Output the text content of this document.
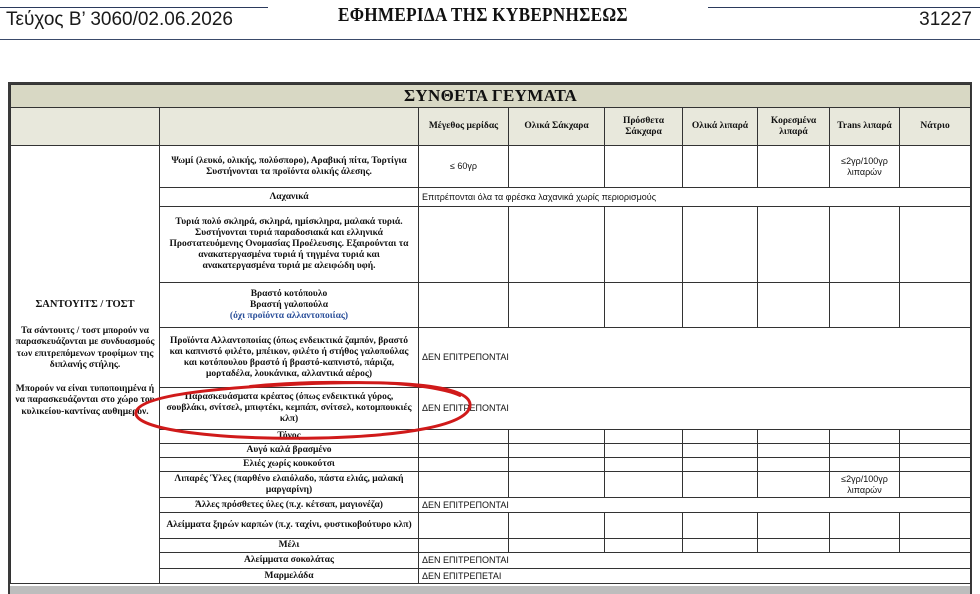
Τεύχος Β’ 3060/02.06.2026	ΕΦΗΜΕΡΙΔΑ ΤΗΣ ΚΥΒΕΡΝΗΣΕΩΣ	31227
ΣΥΝΘΕΤΑ ΓΕΥΜΑΤΑ								
		Μέγεθος μερίδας	Ολικά Σάκχαρα	Πρόσθετα Σάκχαρα	Ολικά λιπαρά	Κορεσμένα λιπαρά	Trans λιπαρά	Νάτριο

ΣΑΝΤΟΥΙΤΣ / ΤΟΣΤ
Τα σάντουιτς / τοστ μπορούν να παρασκευάζονται με συνδυασμούς των επιτρεπόμενων τροφίμων της διπλανής στήλης.
Μπορούν να είναι τυποποιημένα ή να παρασκευάζονται στο χώρο του κυλικείου-καντίνας αυθημερόν.	Ψωμί (λευκό, ολικής, πολύσπορο), Αραβική πίτα, Τορτίγια Συστήνονται τα προϊόντα ολικής άλεσης.	≤ 60γρ					≤2γρ/100γρ λιπαρών	
	Λαχανικά	Επιτρέπονται όλα τα φρέσκα λαχανικά χωρίς περιορισμούς						
	Τυριά πολύ σκληρά, σκληρά, ημίσκληρα, μαλακά τυριά. Συστήνονται τυριά παραδοσιακά και ελληνικά Προστατευόμενης Ονομασίας Προέλευσης. Εξαιρούνται τα ανακατεργασμένα τυριά ή τηγμένα τυριά και ανακατεργασμένα τυριά με αλειφώδη υφή.							
	Βραστό κοτόπουλο
Βραστή γαλοπούλα
(όχι προϊόντα αλλαντοποιίας)							
	Προϊόντα Αλλαντοποιίας (όπως ενδεικτικά ζαμπόν, βραστό και καπνιστό φιλέτο, μπέικον, φιλέτο ή στήθος γαλοπούλας και κοτόπουλου βραστό ή βραστό-καπνιστό, πάριζα, μορταδέλα, λουκάνικα, αλλαντικά αέρος)	ΔΕΝ ΕΠΙΤΡΕΠΟΝΤΑΙ						
	Παρασκευάσματα κρέατος (όπως ενδεικτικά γύρος, σουβλάκι, σνίτσελ, μπιφτέκι, κεμπάπ, σνίτσελ, κοτομπουκιές κλπ)	ΔΕΝ ΕΠΙΤΡΕΠΟΝΤΑΙ						
	Τόνος							
	Αυγό καλά βρασμένο							
	Ελιές χωρίς κουκούτσι							
	Λιπαρές Ύλες (παρθένο ελαιόλαδο, πάστα ελιάς, μαλακή μαργαρίνη)						≤2γρ/100γρ λιπαρών	
	Άλλες πρόσθετες ύλες (π.χ. κέτσαπ, μαγιονέζα)	ΔΕΝ ΕΠΙΤΡΕΠΟΝΤΑΙ						
	Αλείμματα ξηρών καρπών (π.χ. ταχίνι, φυστικοβούτυρο κλπ)							
	Μέλι							
	Αλείμματα σοκολάτας	ΔΕΝ ΕΠΙΤΡΕΠΟΝΤΑΙ						
	Μαρμελάδα	ΔΕΝ ΕΠΙΤΡΕΠΕΤΑΙ						
